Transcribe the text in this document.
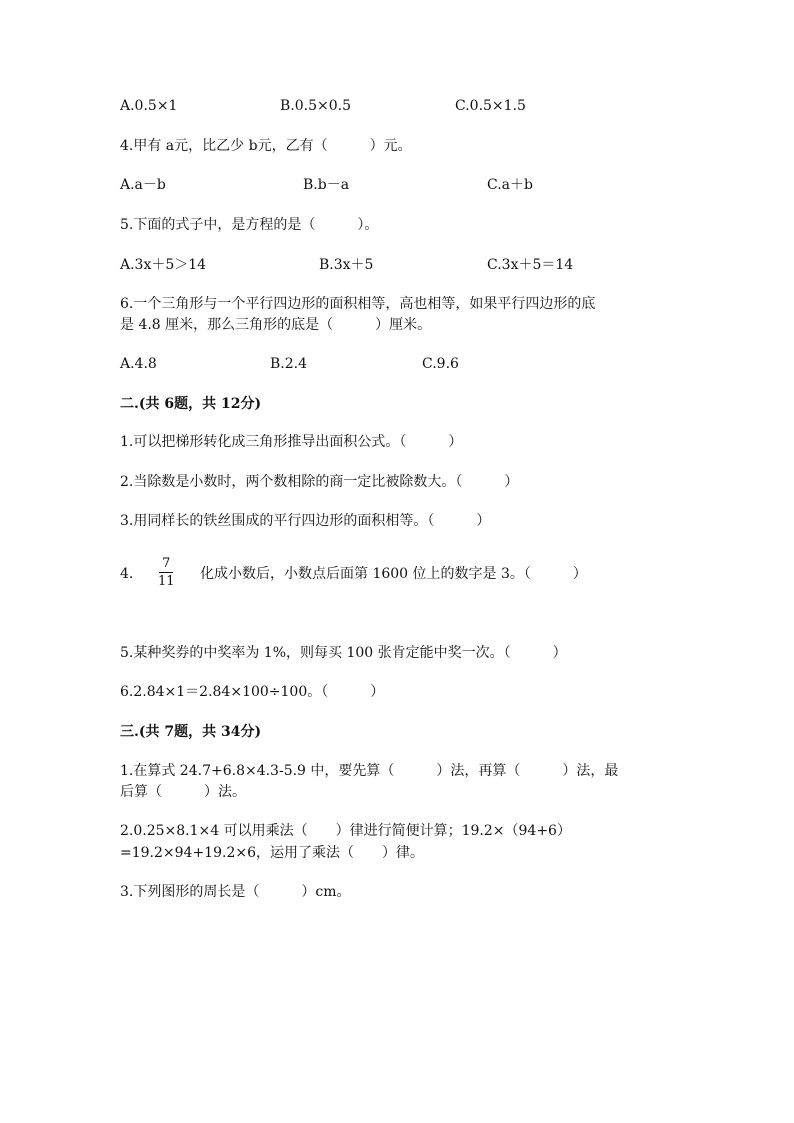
A.0.5×1	B.0.5×0.5	C.0.5×1.5
4.甲有 a元，比乙少 b元，乙有（　　　）元。
A.a－b	B.b－a	C.a＋b
5.下面的式子中，是方程的是（　　　）。
A.3x＋5＞14	B.3x＋5	C.3x＋5＝14
6.一个三角形与一个平行四边形的面积相等，高也相等，如果平行四边形的底
是 4.8 厘米，那么三角形的底是（　　　）厘米。
A.4.8	B.2.4	C.9.6
二.(共 6题，共 12分)
1.可以把梯形转化成三角形推导出面积公式。（　　　）
2.当除数是小数时，两个数相除的商一定比被除数大。（　　　）
3.用同样长的铁丝围成的平行四边形的面积相等。（　　　）
4.
7
11 化成小数后，小数点后面第 1600 位上的数字是 3。（　　　）
5.某种奖券的中奖率为 1%，则每买 100 张肯定能中奖一次。（　　　）
6.2.84×1＝2.84×100÷100。（　　　）
三.(共 7题，共 34分)
1.在算式 24.7+6.8×4.3-5.9 中，要先算（　　　）法，再算（　　　）法，最
后算（　　　）法。
2.0.25×8.1×4 可以用乘法（　　）律进行简便计算；19.2×（94+6）
=19.2×94+19.2×6，运用了乘法（　　）律。
3.下列图形的周长是（　　　）cm。
